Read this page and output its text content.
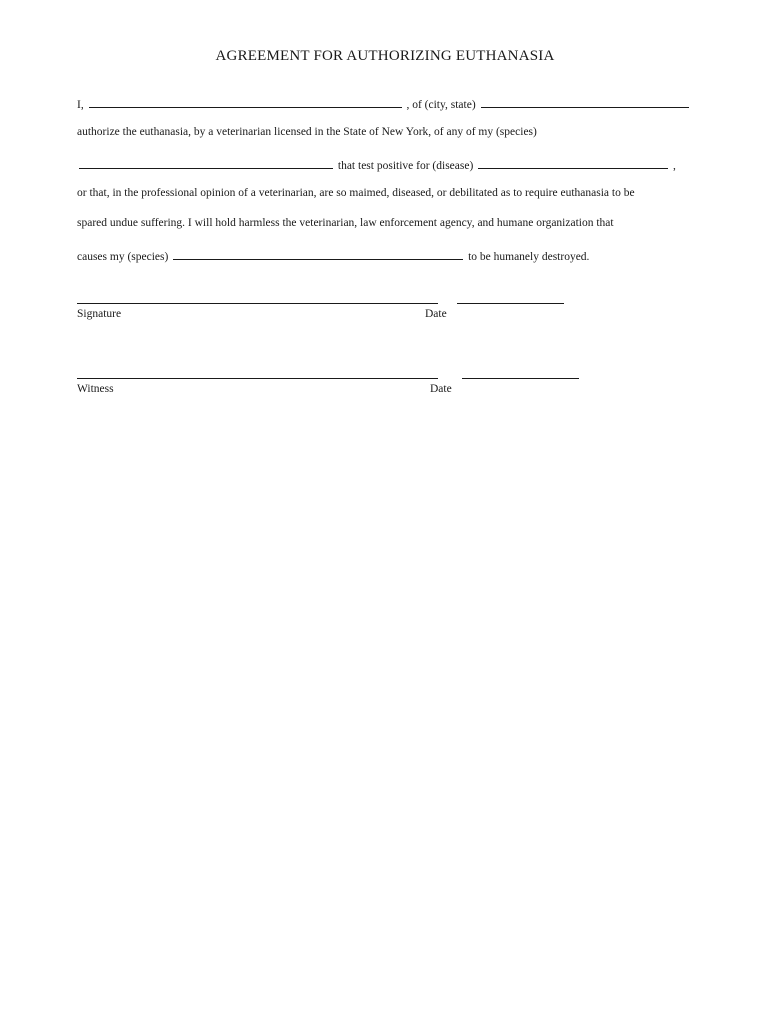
AGREEMENT FOR AUTHORIZING EUTHANASIA
I,	, of (city, state)
authorize the euthanasia, by a veterinarian licensed in the State of New York, of any of my (species)
that test positive for (disease)	,
or that, in the professional opinion of a veterinarian, are so maimed, diseased, or debilitated as to require euthanasia to be
spared undue suffering. I will hold harmless the veterinarian, law enforcement agency, and humane organization that
causes my (species)	to be humanely destroyed.
Signature	Date
Witness	Date
